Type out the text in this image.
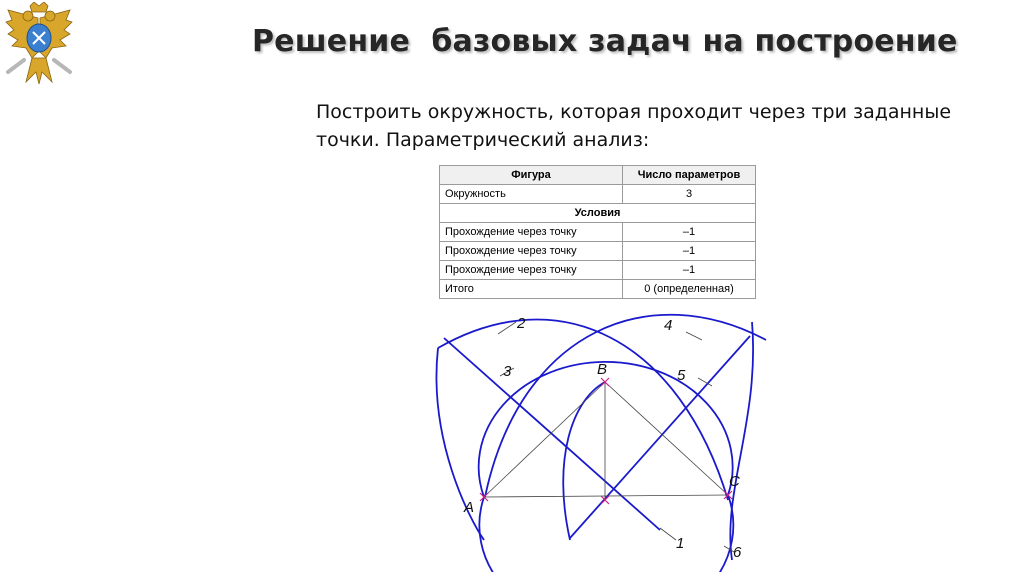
Решение  базовых задач на построение
Построить окружность, которая проходит через три заданные
точки. Параметрический анализ:
Фигура	Число параметров
Окружность	3
Условия	
Прохождение через точку	–1
Прохождение через точку	–1
Прохождение через точку	–1
Итого	0 (определенная)
A
B
C
2	4
3	5
1
6
